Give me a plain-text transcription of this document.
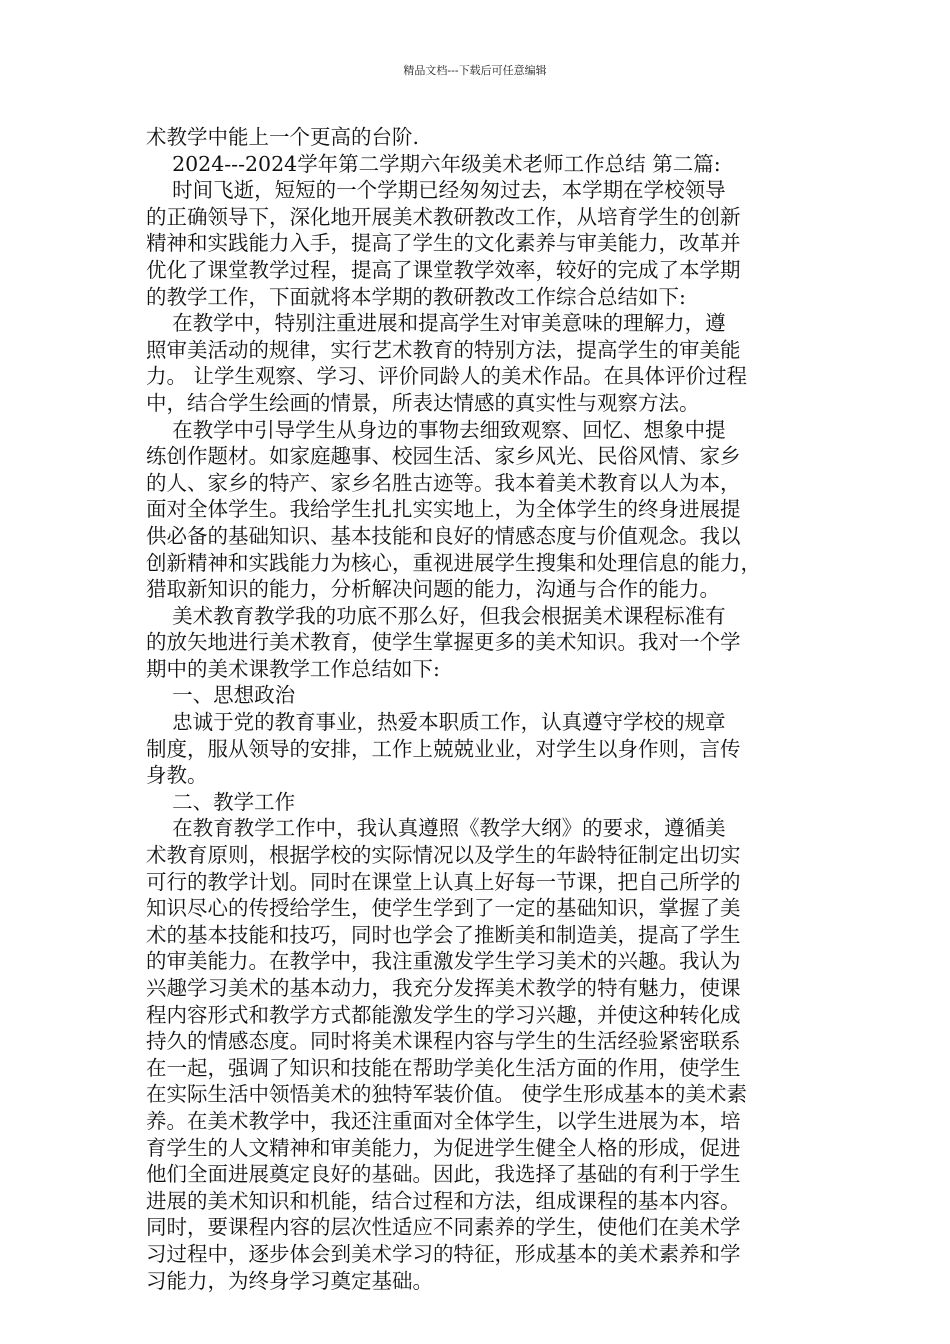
精品文档---下载后可任意编辑
术教学中能上一个更高的台阶.
2024---2024学年第二学期六年级美术老师工作总结 第二篇:
时间飞逝，短短的一个学期已经匆匆过去，本学期在学校领导
的正确领导下，深化地开展美术教研教改工作，从培育学生的创新
精神和实践能力入手，提高了学生的文化素养与审美能力，改革并
优化了课堂教学过程，提高了课堂教学效率，较好的完成了本学期
的教学工作，下面就将本学期的教研教改工作综合总结如下:
在教学中，特别注重进展和提高学生对审美意味的理解力，遵
照审美活动的规律，实行艺术教育的特别方法，提高学生的审美能
力。 让学生观察、学习、评价同龄人的美术作品。在具体评价过程
中，结合学生绘画的情景，所表达情感的真实性与观察方法。
在教学中引导学生从身边的事物去细致观察、回忆、想象中提
练创作题材。如家庭趣事、校园生活、家乡风光、民俗风情、家乡
的人、家乡的特产、家乡名胜古迹等。我本着美术教育以人为本，
面对全体学生。我给学生扎扎实实地上，为全体学生的终身进展提
供必备的基础知识、基本技能和良好的情感态度与价值观念。我以
创新精神和实践能力为核心，重视进展学生搜集和处理信息的能力，
猎取新知识的能力，分析解决问题的能力，沟通与合作的能力。
美术教育教学我的功底不那么好，但我会根据美术课程标准有
的放矢地进行美术教育，使学生掌握更多的美术知识。我对一个学
期中的美术课教学工作总结如下:
一、思想政治
忠诚于党的教育事业，热爱本职质工作，认真遵守学校的规章
制度，服从领导的安排，工作上兢兢业业，对学生以身作则，言传
身教。
二、教学工作
在教育教学工作中，我认真遵照《教学大纲》的要求，遵循美
术教育原则，根据学校的实际情况以及学生的年龄特征制定出切实
可行的教学计划。同时在课堂上认真上好每一节课，把自己所学的
知识尽心的传授给学生，使学生学到了一定的基础知识，掌握了美
术的基本技能和技巧，同时也学会了推断美和制造美，提高了学生
的审美能力。在教学中，我注重激发学生学习美术的兴趣。我认为
兴趣学习美术的基本动力，我充分发挥美术教学的特有魅力，使课
程内容形式和教学方式都能激发学生的学习兴趣，并使这种转化成
持久的情感态度。同时将美术课程内容与学生的生活经验紧密联系
在一起，强调了知识和技能在帮助学美化生活方面的作用，使学生
在实际生活中领悟美术的独特军装价值。 使学生形成基本的美术素
养。在美术教学中，我还注重面对全体学生，以学生进展为本，培
育学生的人文精神和审美能力，为促进学生健全人格的形成，促进
他们全面进展奠定良好的基础。因此，我选择了基础的有利于学生
进展的美术知识和机能，结合过程和方法，组成课程的基本内容。
同时，要课程内容的层次性适应不同素养的学生，使他们在美术学
习过程中，逐步体会到美术学习的特征，形成基本的美术素养和学
习能力，为终身学习奠定基础。
